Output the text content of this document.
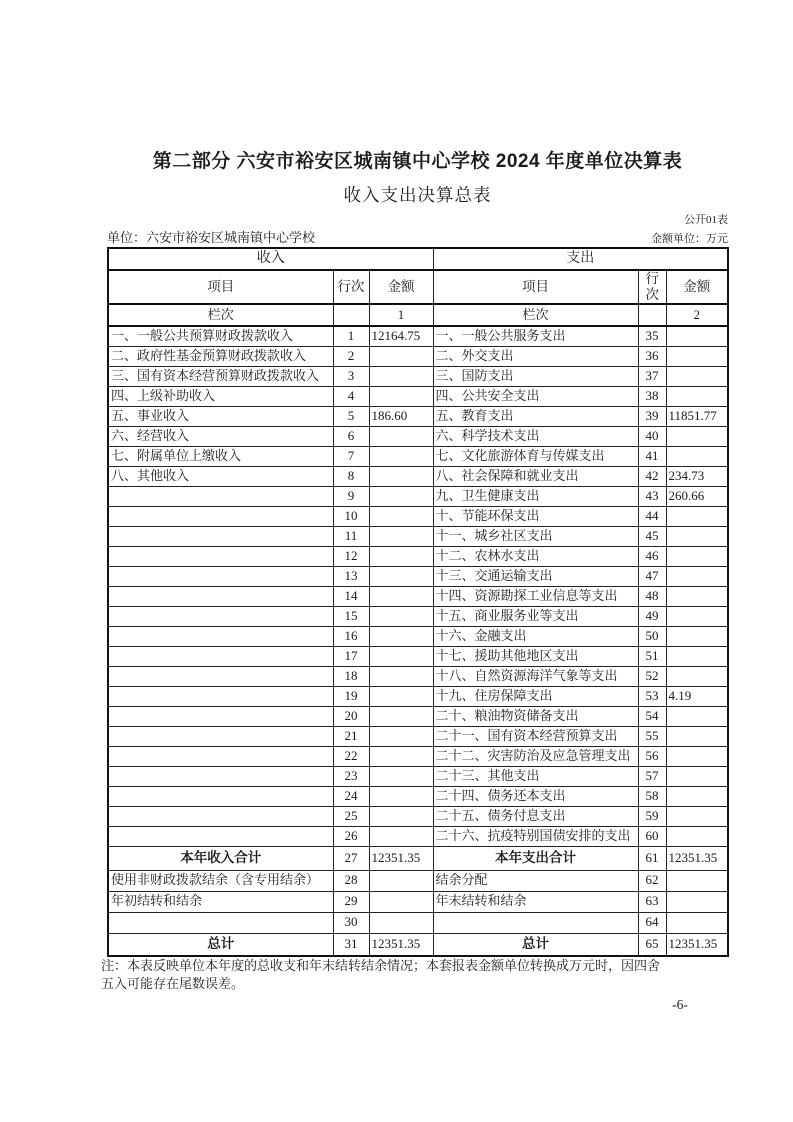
第二部分 六安市裕安区城南镇中心学校 2024 年度单位决算表
收入支出决算总表
公开01表
单位：六安市裕安区城南镇中心学校	金额单位：万元
收入			支出		
项目	行次	金额	项目	行次	金额
栏次		1	栏次		2
一、一般公共预算财政拨款收入	1	12164.75	一、一般公共服务支出	35	
二、政府性基金预算财政拨款收入	2		二、外交支出	36	
三、国有资本经营预算财政拨款收入	3		三、国防支出	37	
四、上级补助收入	4		四、公共安全支出	38	
五、事业收入	5	186.60	五、教育支出	39	11851.77
六、经营收入	6		六、科学技术支出	40	
七、附属单位上缴收入	7		七、文化旅游体育与传媒支出	41	
八、其他收入	8		八、社会保障和就业支出	42	234.73
	9		九、卫生健康支出	43	260.66
	10		十、节能环保支出	44	
	11		十一、城乡社区支出	45	
	12		十二、农林水支出	46	
	13		十三、交通运输支出	47	
	14		十四、资源勘探工业信息等支出	48	
	15		十五、商业服务业等支出	49	
	16		十六、金融支出	50	
	17		十七、援助其他地区支出	51	
	18		十八、自然资源海洋气象等支出	52	
	19		十九、住房保障支出	53	4.19
	20		二十、粮油物资储备支出	54	
	21		二十一、国有资本经营预算支出	55	
	22		二十二、灾害防治及应急管理支出	56	
	23		二十三、其他支出	57	
	24		二十四、债务还本支出	58	
	25		二十五、债务付息支出	59	
	26		二十六、抗疫特别国债安排的支出	60	
本年收入合计	27	12351.35	本年支出合计	61	12351.35
使用非财政拨款结余（含专用结余）	28		结余分配	62	
年初结转和结余	29		年末结转和结余	63	
	30			64	
总计	31	12351.35	总计	65	12351.35
注：本表反映单位本年度的总收支和年末结转结余情况；本套报表金额单位转换成万元时，因四舍
五入可能存在尾数误差。
-6-
